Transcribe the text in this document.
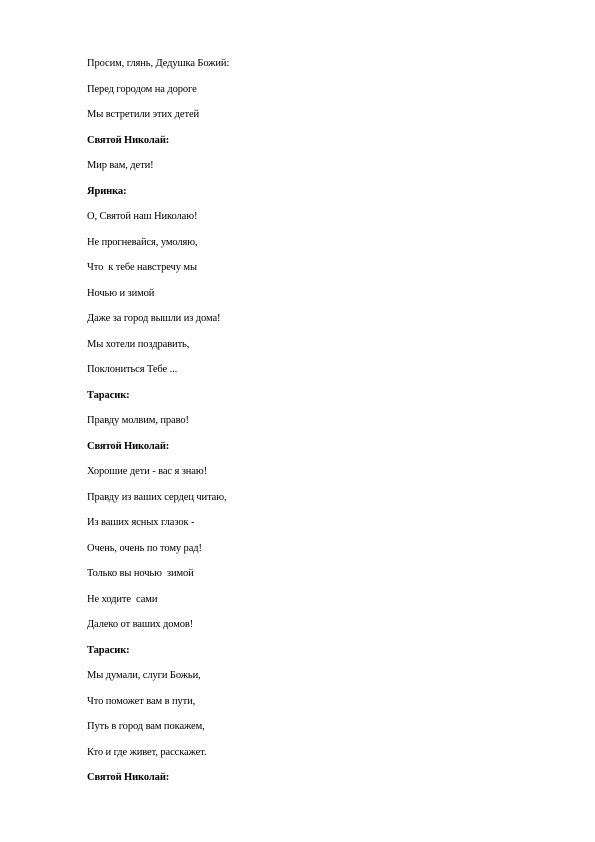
Просим, глянь, Дедушка Божий:
Перед городом на дороге
Мы встретили этих детей
Святой Николай:
Мир вам, дети!
Яринка:
О, Святой наш Николаю!
Не прогневайся, умоляю,
Что  к тебе навстречу мы
Ночью и зимой
Даже за город вышли из дома!
Мы хотели поздравить,
Поклониться Тебе ...
Тарасик:
Правду молвим, право!
Святой Николай:
Хорошие дети - вас я знаю!
Правду из ваших сердец читаю,
Из ваших ясных глазок -
Очень, очень по тому рад!
Только вы ночью  зимой
Не ходите  сами
Далеко от ваших домов!
Тарасик:
Мы думали, слуги Божьи,
Что поможет вам в пути,
Путь в город вам покажем,
Кто и где живет, расскажет.
Святой Николай:
